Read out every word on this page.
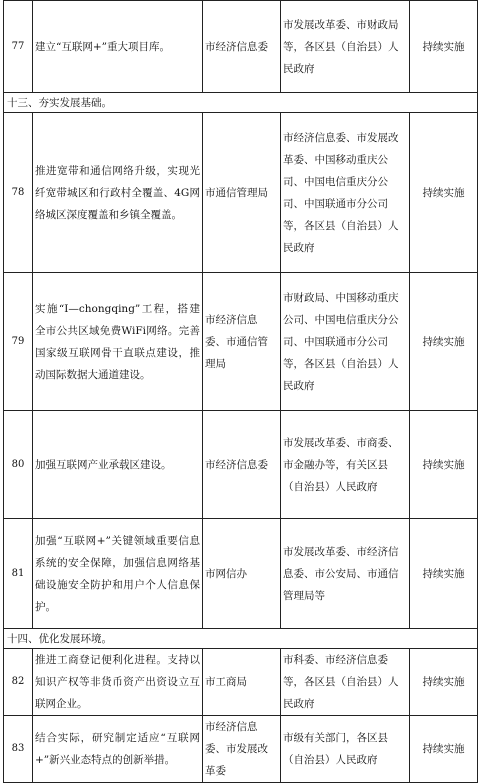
77	建立“互联网+”重大项目库。	市经济信息委	市发展改革委、市财政局等，各区县（自治县）人民政府	持续实施
十三、夯实发展基础。				
78	推进宽带和通信网络升级，实现光纤宽带城区和行政村全覆盖、4G网络城区深度覆盖和乡镇全覆盖。	市通信管理局	市经济信息委、市发展改革委、中国移动重庆公司、中国电信重庆分公司、中国联通市分公司等，各区县（自治县）人民政府	持续实施
79	实施“I—chongqing”工程，搭建全市公共区域免费WiFi网络。完善国家级互联网骨干直联点建设，推动国际数据大通道建设。	市经济信息委、市通信管理局	市财政局、中国移动重庆公司、中国电信重庆分公司、中国联通市分公司等，各区县（自治县）人民政府	持续实施
80	加强互联网产业承载区建设。	市经济信息委	市发展改革委、市商委、市金融办等，有关区县（自治县）人民政府	持续实施
81	加强“互联网+”关键领域重要信息系统的安全保障，加强信息网络基础设施安全防护和用户个人信息保护。	市网信办	市发展改革委、市经济信息委、市公安局、市通信管理局等	持续实施
十四、优化发展环境。				
82	推进工商登记便利化进程。支持以知识产权等非货币资产出资设立互联网企业。	市工商局	市科委、市经济信息委等，各区县（自治县）人民政府	持续实施
83	结合实际，研究制定适应“互联网+”新兴业态特点的创新举措。	市经济信息委、市发展改革委	市级有关部门，各区县（自治县）人民政府	持续实施
